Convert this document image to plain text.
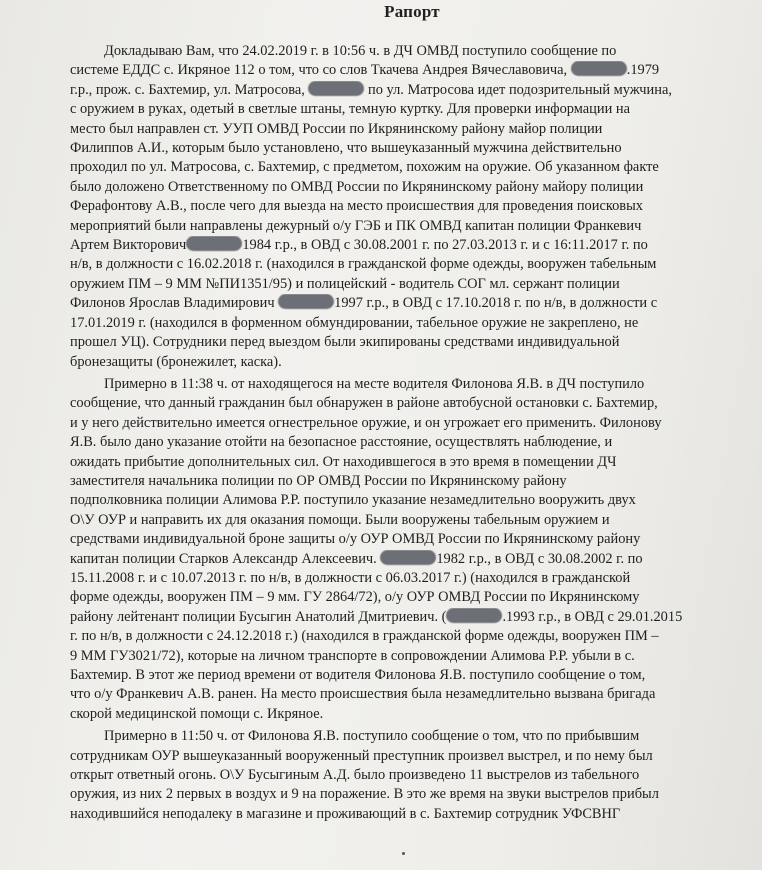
Рапорт
Докладываю Вам, что 24.02.2019 г. в 10:56 ч. в ДЧ ОМВД поступило сообщение по
системе ЕДДС с. Икряное 112 о том, что со слов Ткачева Андрея Вячеславовича,	.1979
г.р., прож. с. Бахтемир, ул. Матросова,	по ул. Матросова идет подозрительный мужчина,
с оружием в руках, одетый в светлые штаны, темную куртку. Для проверки информации на
место был направлен ст. УУП ОМВД России по Икрянинскому району майор полиции
Филиппов А.И., которым было установлено, что вышеуказанный мужчина действительно
проходил по ул. Матросова, с. Бахтемир, с предметом, похожим на оружие. Об указанном факте
было доложено Ответственному по ОМВД России по Икрянинскому району майору полиции
Ферафонтову А.В., после чего для выезда на место происшествия для проведения поисковых
мероприятий были направлены дежурный о/у ГЭБ и ПК ОМВД капитан полиции Франкевич
Артем Викторович	1984 г.р., в ОВД с 30.08.2001 г. по 27.03.2013 г. и с 16:11.2017 г. по
н/в, в должности с 16.02.2018 г. (находился в гражданской форме одежды, вооружен табельным
оружием ПМ – 9 ММ №ПИ1351/95) и полицейский - водитель СОГ мл. сержант полиции
Филонов Ярослав Владимирович	1997 г.р., в ОВД с 17.10.2018 г. по н/в, в должности с
17.01.2019 г. (находился в форменном обмундировании, табельное оружие не закреплено, не
прошел УЦ). Сотрудники перед выездом были экипированы средствами индивидуальной
бронезащиты (бронежилет, каска).
Примерно в 11:38 ч. от находящегося на месте водителя Филонова Я.В. в ДЧ поступило
сообщение, что данный гражданин был обнаружен в районе автобусной остановки с. Бахтемир,
и у него действительно имеется огнестрельное оружие, и он угрожает его применить. Филонову
Я.В. было дано указание отойти на безопасное расстояние, осуществлять наблюдение, и
ожидать прибытие дополнительных сил. От находившегося в это время в помещении ДЧ
заместителя начальника полиции по ОР ОМВД России по Икрянинскому району
подполковника полиции Алимова Р.Р. поступило указание незамедлительно вооружить двух
О\У ОУР и направить их для оказания помощи. Были вооружены табельным оружием и
средствами индивидуальной броне защиты о/у ОУР ОМВД России по Икрянинскому району
капитан полиции Старков Александр Алексеевич.	1982 г.р., в ОВД с 30.08.2002 г. по
15.11.2008 г. и с 10.07.2013 г. по н/в, в должности с 06.03.2017 г.) (находился в гражданской
форме одежды, вооружен ПМ – 9 мм. ГУ 2864/72), о/у ОУР ОМВД России по Икрянинскому
району лейтенант полиции Бусыгин Анатолий Дмитриевич. (	.1993 г.р., в ОВД с 29.01.2015
г. по н/в, в должности с 24.12.2018 г.) (находился в гражданской форме одежды, вооружен ПМ –
9 ММ ГУ3021/72), которые на личном транспорте в сопровождении Алимова Р.Р. убыли в с.
Бахтемир. В этот же период времени от водителя Филонова Я.В. поступило сообщение о том,
что о/у Франкевич А.В. ранен. На место происшествия была незамедлительно вызвана бригада
скорой медицинской помощи с. Икряное.
Примерно в 11:50 ч. от Филонова Я.В. поступило сообщение о том, что по прибывшим
сотрудникам ОУР вышеуказанный вооруженный преступник произвел выстрел, и по нему был
открыт ответный огонь. О\У Бусыгиным А.Д. было произведено 11 выстрелов из табельного
оружия, из них 2 первых в воздух и 9 на поражение. В это же время на звуки выстрелов прибыл
находившийся неподалеку в магазине и проживающий в с. Бахтемир сотрудник УФСВНГ
